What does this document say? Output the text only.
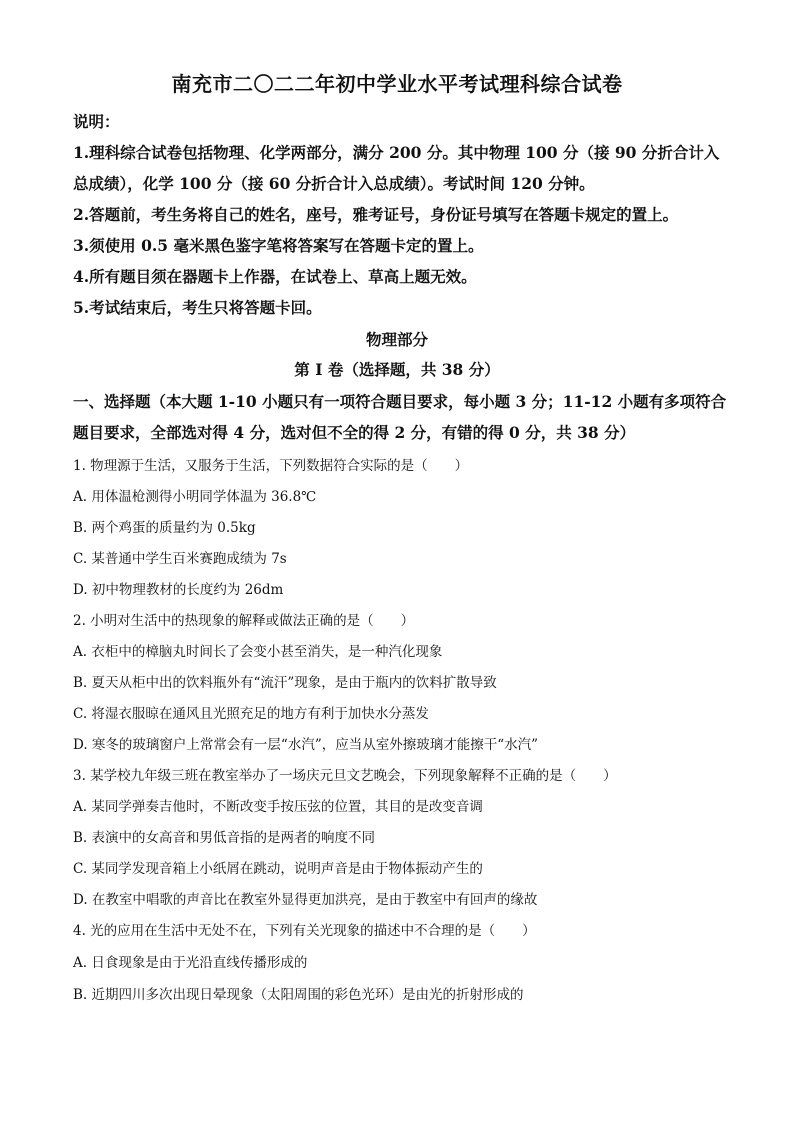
南充市二〇二二年初中学业水平考试理科综合试卷
说明：
1.理科综合试卷包括物理、化学两部分，满分 200 分。其中物理 100 分（接 90 分折合计入
总成绩），化学 100 分（接 60 分折合计入总成绩）。考试时间 120 分钟。
2.答题前，考生务将自己的姓名，座号，雅考证号，身份证号填写在答题卡规定的置上。
3.须使用 0.5 毫米黑色鉴字笔将答案写在答题卡定的置上。
4.所有题目须在器题卡上作器，在试卷上、草高上题无效。
5.考试结束后，考生只将答题卡回。
物理部分
第 I 卷（选择题，共 38 分）
一、选择题（本大题 1-10 小题只有一项符合题目要求，每小题 3 分；11-12 小题有多项符合
题目要求，全部选对得 4 分，选对但不全的得 2 分，有错的得 0 分，共 38 分）
1. 物理源于生活，又服务于生活，下列数据符合实际的是（　　）
A. 用体温枪测得小明同学体温为 36.8℃
B. 两个鸡蛋的质量约为 0.5kg
C. 某普通中学生百米赛跑成绩为 7s
D. 初中物理教材的长度约为 26dm
2. 小明对生活中的热现象的解释或做法正确的是（　　）
A. 衣柜中的樟脑丸时间长了会变小甚至消失，是一种汽化现象
B. 夏天从柜中出的饮料瓶外有“流汗”现象，是由于瓶内的饮料扩散导致
C. 将湿衣服晾在通风且光照充足的地方有利于加快水分蒸发
D. 寒冬的玻璃窗户上常常会有一层“水汽”，应当从室外擦玻璃才能擦干“水汽”
3. 某学校九年级三班在教室举办了一场庆元旦文艺晚会，下列现象解释不正确的是（　　）
A. 某同学弹奏吉他时，不断改变手按压弦的位置，其目的是改变音调
B. 表演中的女高音和男低音指的是两者的响度不同
C. 某同学发现音箱上小纸屑在跳动，说明声音是由于物体振动产生的
D. 在教室中唱歌的声音比在教室外显得更加洪亮，是由于教室中有回声的缘故
4. 光的应用在生活中无处不在，下列有关光现象的描述中不合理的是（　　）
A. 日食现象是由于光沿直线传播形成的
B. 近期四川多次出现日晕现象（太阳周围的彩色光环）是由光的折射形成的
